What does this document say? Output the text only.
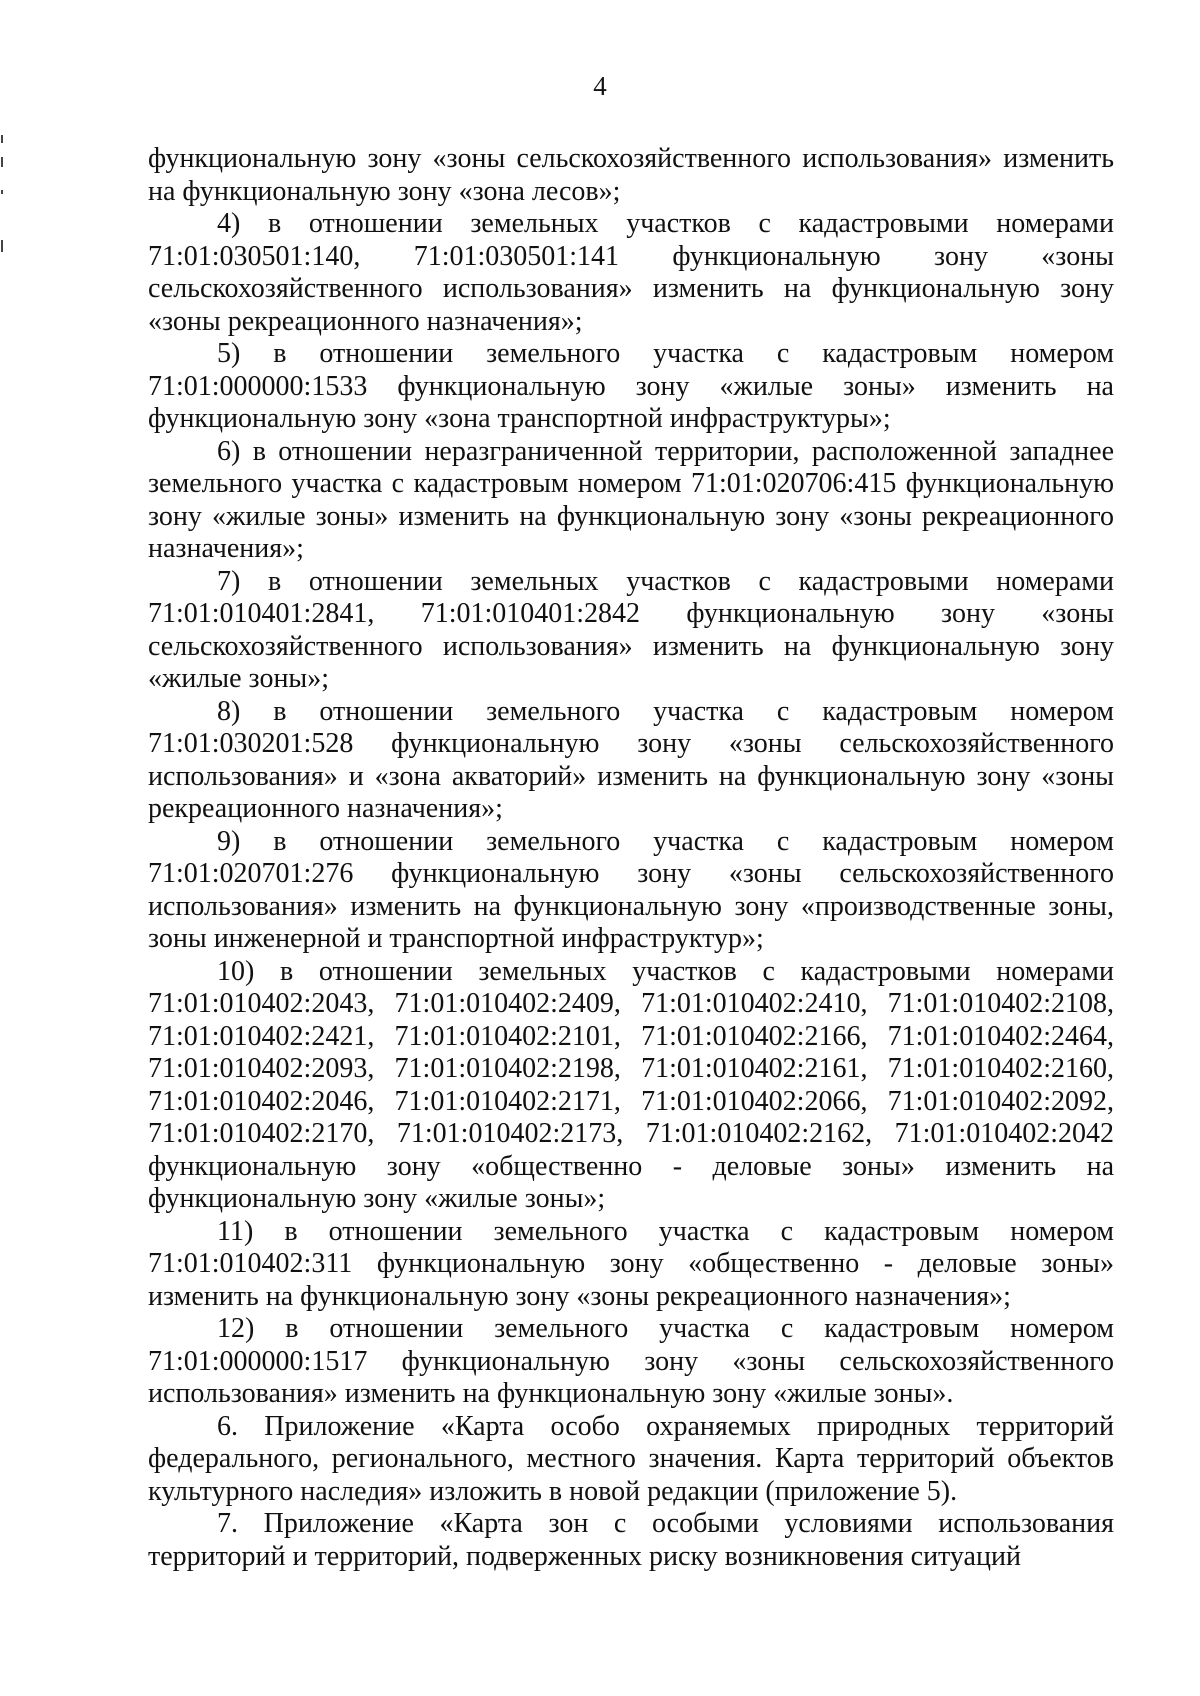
4

функциональную зону «зоны сельскохозяйственного использования» изменить на функциональную зону «зона лесов»;

4) в отношении земельных участков с кадастровыми номерами 71:01:030501:140, 71:01:030501:141 функциональную зону «зоны сельскохозяйственного использования» изменить на функциональную зону «зоны рекреационного назначения»;

5) в отношении земельного участка с кадастровым номером 71:01:000000:1533 функциональную зону «жилые зоны» изменить на функциональную зону «зона транспортной инфраструктуры»;

6) в отношении неразграниченной территории, расположенной западнее земельного участка с кадастровым номером 71:01:020706:415 функциональную зону «жилые зоны» изменить на функциональную зону «зоны рекреационного назначения»;

7) в отношении земельных участков с кадастровыми номерами 71:01:010401:2841, 71:01:010401:2842 функциональную зону «зоны сельскохозяйственного использования» изменить на функциональную зону «жилые зоны»;

8) в отношении земельного участка с кадастровым номером 71:01:030201:528 функциональную зону «зоны сельскохозяйственного использования» и «зона акваторий» изменить на функциональную зону «зоны рекреационного назначения»;

9) в отношении земельного участка с кадастровым номером 71:01:020701:276 функциональную зону «зоны сельскохозяйственного использования» изменить на функциональную зону «производственные зоны, зоны инженерной и транспортной инфраструктур»;

10) в отношении земельных участков с кадастровыми номерами 71:01:010402:2043, 71:01:010402:2409, 71:01:010402:2410, 71:01:010402:2108, 71:01:010402:2421, 71:01:010402:2101, 71:01:010402:2166, 71:01:010402:2464, 71:01:010402:2093, 71:01:010402:2198, 71:01:010402:2161, 71:01:010402:2160, 71:01:010402:2046, 71:01:010402:2171, 71:01:010402:2066, 71:01:010402:2092, 71:01:010402:2170, 71:01:010402:2173, 71:01:010402:2162, 71:01:010402:2042 функциональную зону «общественно - деловые зоны» изменить на функциональную зону «жилые зоны»;

11) в отношении земельного участка с кадастровым номером 71:01:010402:311 функциональную зону «общественно - деловые зоны» изменить на функциональную зону «зоны рекреационного назначения»;

12) в отношении земельного участка с кадастровым номером 71:01:000000:1517 функциональную зону «зоны сельскохозяйственного использования» изменить на функциональную зону «жилые зоны».

6. Приложение «Карта особо охраняемых природных территорий федерального, регионального, местного значения. Карта территорий объектов культурного наследия» изложить в новой редакции (приложение 5).

7. Приложение «Карта зон с особыми условиями использования территорий и территорий, подверженных риску возникновения ситуаций
